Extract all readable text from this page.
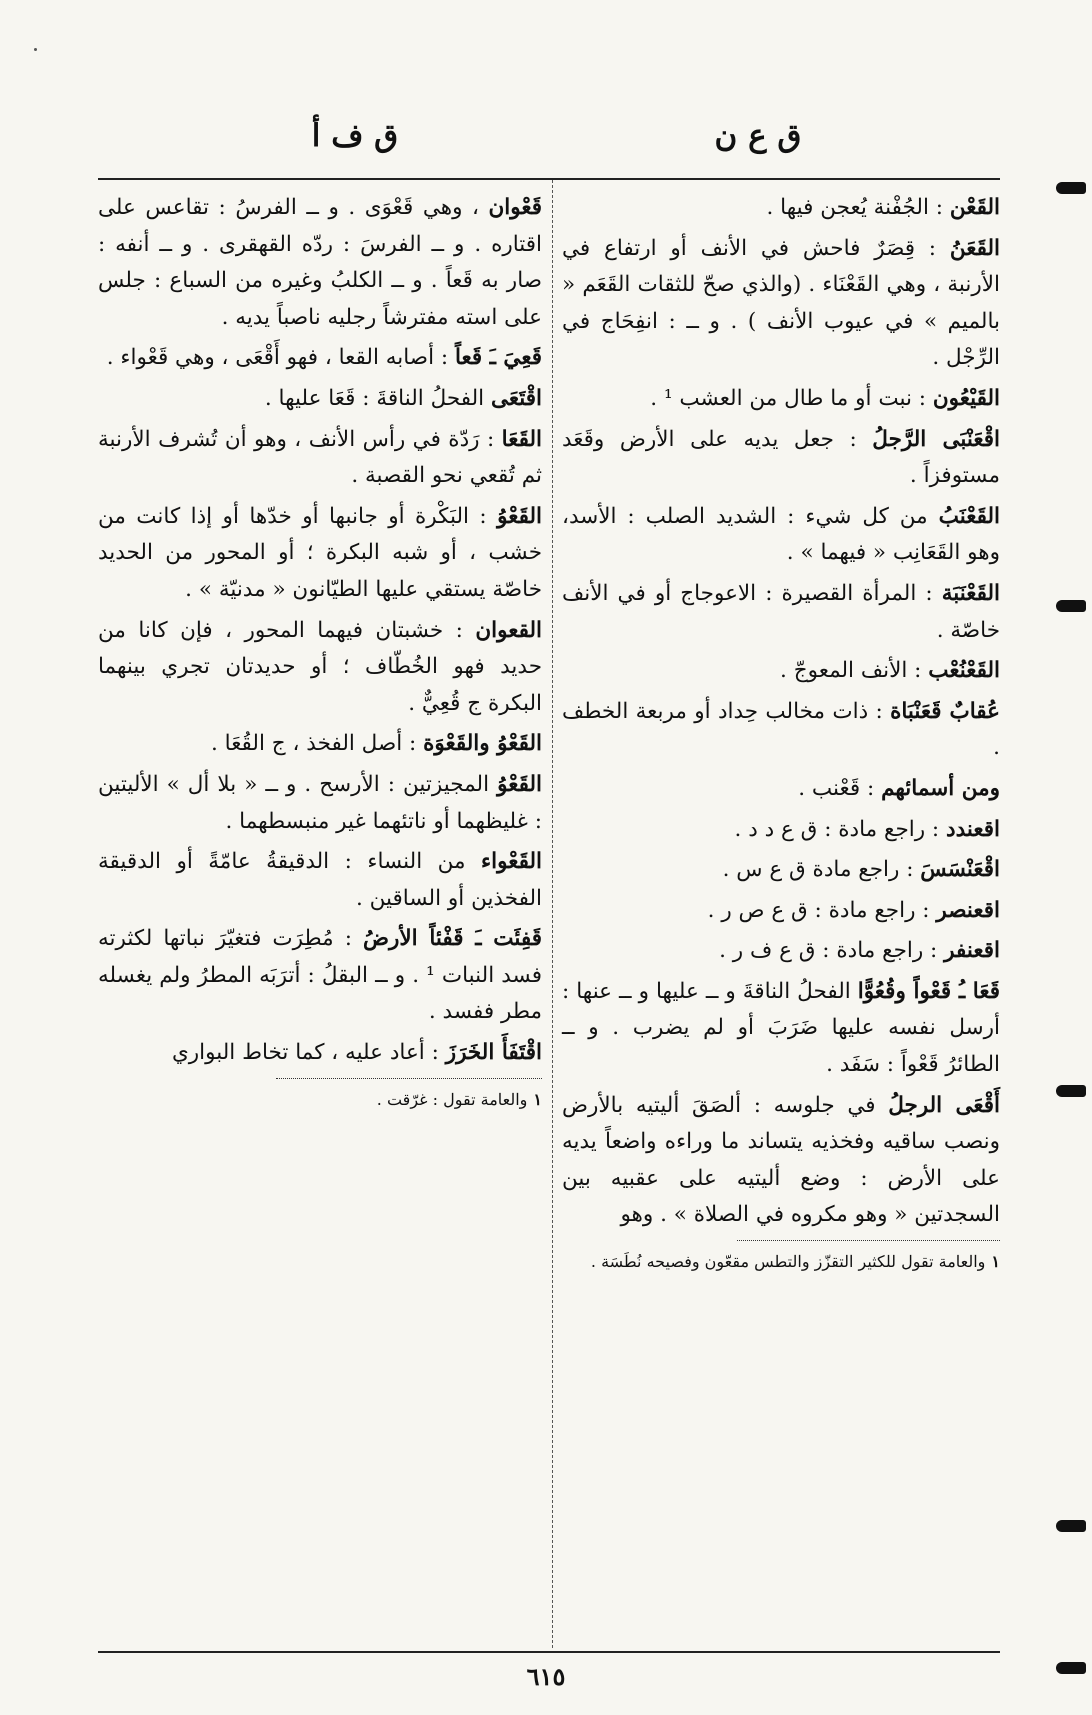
ق ع ن
ق ف أ
القَعْن : الجُفْنة يُعجن فيها .
القَعَنُ : قِصَرٌ فاحش في الأنف أو ارتفاع في الأرنبة ، وهي القَعْنَاء . (والذي صحّ للثقات القَعَم « بالميم » في عيوب الأنف ) . و ــ : انفِحَاج في الرِّجْل .
القَيْعُون : نبت أو ما طال من العشب ¹ .
اقْعَنْبَى الرَّجلُ : جعل يديه على الأرض وقَعَد مستوفزاً .
القَعْنَبُ من كل شيء : الشديد الصلب : الأسد، وهو القَعَانِب « فيهما » .
القَعْنَبَة : المرأة القصيرة : الاعوجاج أو في الأنف خاصّة .
القَعْنُعْب : الأنف المعوجّ .
عُقابٌ قَعَنْبَاة : ذات مخالب حِداد أو مربعة الخطف .
ومن أسمائهم : قَعْنب .
اقعندد : راجع مادة : ق ع د د .
اقْعَنْسَسَ : راجع مادة ق ع س .
اقعنصر : راجع مادة : ق ع ص ر .
اقعنفر : راجع مادة : ق ع ف ر .
قَعَا ـُ قَعْواً وقُعُوًّا الفحلُ الناقةَ و ــ عليها و ــ عنها : أرسل نفسه عليها ضَرَبَ أو لم يضرب . و ــ الطائرُ قَعْواً : سَفَد .
أَقْعَى الرجلُ في جلوسه : ألصَقَ أليتيه بالأرض ونصب ساقيه وفخذيه يتساند ما وراءه واضعاً يديه على الأرض : وضع أليتيه على عقبيه بين السجدتين « وهو مكروه في الصلاة » . وهو
١والعامة تقول للكثير التقزّز والتطس مقعّون وفصيحه نُطَسَة .
قَعْوان ، وهي قَعْوَى . و ــ الفرسُ : تقاعس على اقتاره . و ــ الفرسَ : ردّه القهقرى . و ــ أنفه : صار به قَعاً . و ــ الكلبُ وغيره من السباع : جلس على استه مفترشاً رجليه ناصباً يديه .
قَعِيَ ـَ قَعاً : أصابه القعا ، فهو أَقْعَى ، وهي قَعْواء .
اقْتَعَى الفحلُ الناقةَ : قَعَا عليها .
القَعَا : رَدّة في رأس الأنف ، وهو أن تُشرف الأرنبة ثم تُقعي نحو القصبة .
القَعْوُ : البَكْرة أو جانبها أو خدّها أو إذا كانت من خشب ، أو شبه البكرة ؛ أو المحور من الحديد خاصّة يستقي عليها الطيّانون « مدنيّة » .
القعوان : خشبتان فيهما المحور ، فإن كانا من حديد فهو الخُطّاف ؛ أو حديدتان تجري بينهما البكرة ج قُعِيٌّ .
القَعْوُ والقَعْوَة : أصل الفخذ ، ج القُعَا .
القَعْوُ المجيزتين : الأرسح . و ــ « بلا أل » الأليتين : غليظهما أو ناتئهما غير منبسطهما .
القَعْواء من النساء : الدقيقةُ عامّةً أو الدقيقة الفخذين أو الساقين .
قَفِئَت ـَ قَفْئاً الأرضُ : مُطِرَت فتغيّرَ نباتها لكثرته فسد النبات ¹ . و ــ البقلُ : أترَبَه المطرُ ولم يغسله مطر ففسد .
اقْتَفَأَ الخَرَزَ : أعاد عليه ، كما تخاط البواري
١والعامة تقول : غرّقت .
٦١٥
